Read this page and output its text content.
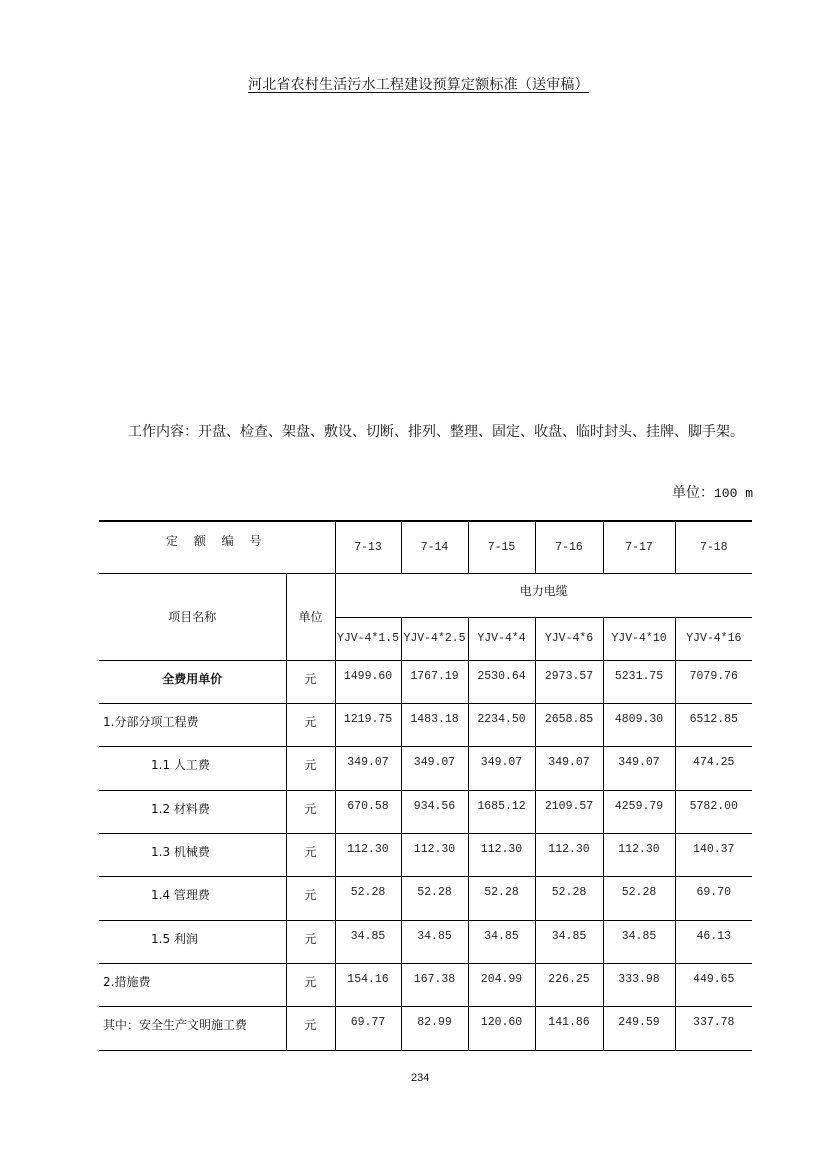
河北省农村生活污水工程建设预算定额标准（送审稿）
工作内容：开盘、检查、架盘、敷设、切断、排列、整理、固定、收盘、临时封头、挂牌、脚手架。
单位：100 m
定 额 编 号		7-13	7-14	7-15	7-16	7-17	7-18
项目名称	单位	电力电缆					
		YJV-4*1.5	YJV-4*2.5	YJV-4*4	YJV-4*6	YJV-4*10	YJV-4*16
全费用单价	元	1499.60	1767.19	2530.64	2973.57	5231.75	7079.76
1.分部分项工程费	元	1219.75	1483.18	2234.50	2658.85	4809.30	6512.85
1.1 人工费	元	349.07	349.07	349.07	349.07	349.07	474.25
1.2 材料费	元	670.58	934.56	1685.12	2109.57	4259.79	5782.00
1.3 机械费	元	112.30	112.30	112.30	112.30	112.30	140.37
1.4 管理费	元	52.28	52.28	52.28	52.28	52.28	69.70
1.5 利润	元	34.85	34.85	34.85	34.85	34.85	46.13
2.措施费	元	154.16	167.38	204.99	226.25	333.98	449.65
其中：安全生产文明施工费	元	69.77	82.99	120.60	141.86	249.59	337.78
234
